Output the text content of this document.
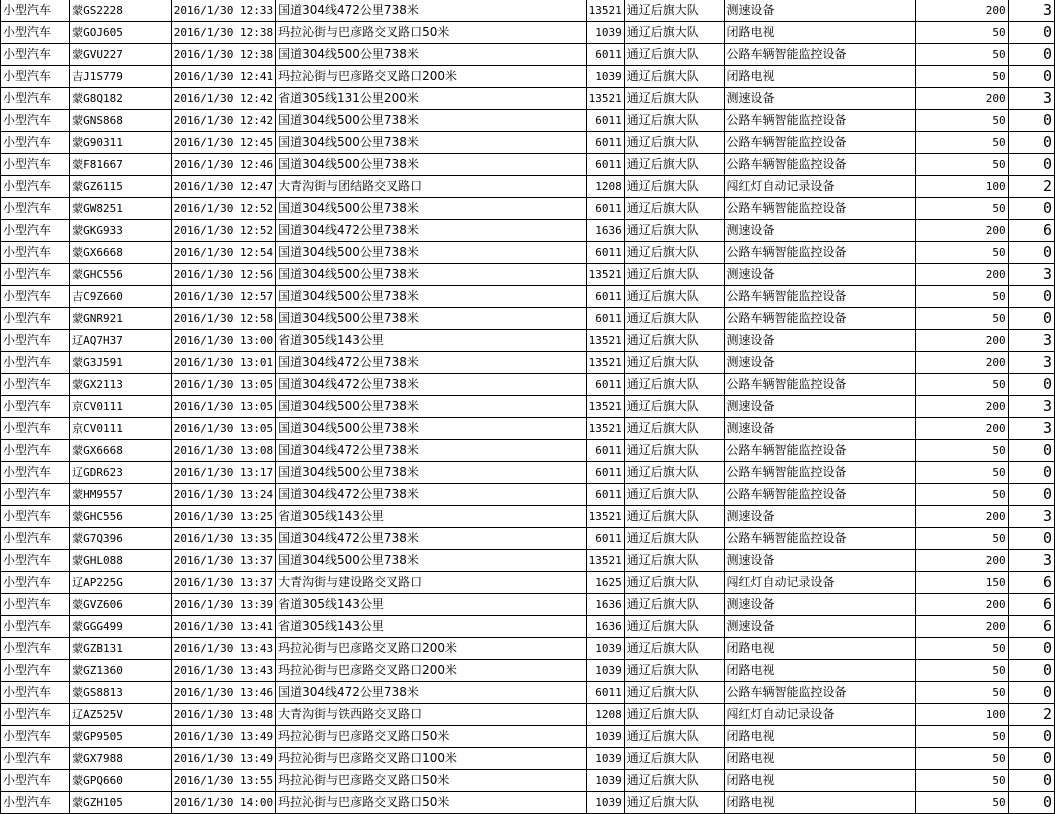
小型汽车	蒙GS2228	2016/1/30 12:33	国道304线472公里738米	13521	通辽后旗大队	测速设备	200	3
小型汽车	蒙GOJ605	2016/1/30 12:38	玛拉沁街与巴彦路交叉路口50米	1039	通辽后旗大队	闭路电视	50	0
小型汽车	蒙GVU227	2016/1/30 12:38	国道304线500公里738米	6011	通辽后旗大队	公路车辆智能监控设备	50	0
小型汽车	吉J1S779	2016/1/30 12:41	玛拉沁街与巴彦路交叉路口200米	1039	通辽后旗大队	闭路电视	50	0
小型汽车	蒙G8Q182	2016/1/30 12:42	省道305线131公里200米	13521	通辽后旗大队	测速设备	200	3
小型汽车	蒙GNS868	2016/1/30 12:42	国道304线500公里738米	6011	通辽后旗大队	公路车辆智能监控设备	50	0
小型汽车	蒙G90311	2016/1/30 12:45	国道304线500公里738米	6011	通辽后旗大队	公路车辆智能监控设备	50	0
小型汽车	蒙F81667	2016/1/30 12:46	国道304线500公里738米	6011	通辽后旗大队	公路车辆智能监控设备	50	0
小型汽车	蒙GZ6115	2016/1/30 12:47	大青沟街与团结路交叉路口	1208	通辽后旗大队	闯红灯自动记录设备	100	2
小型汽车	蒙GW8251	2016/1/30 12:52	国道304线500公里738米	6011	通辽后旗大队	公路车辆智能监控设备	50	0
小型汽车	蒙GKG933	2016/1/30 12:52	国道304线472公里738米	1636	通辽后旗大队	测速设备	200	6
小型汽车	蒙GX6668	2016/1/30 12:54	国道304线500公里738米	6011	通辽后旗大队	公路车辆智能监控设备	50	0
小型汽车	蒙GHC556	2016/1/30 12:56	国道304线500公里738米	13521	通辽后旗大队	测速设备	200	3
小型汽车	吉C9Z660	2016/1/30 12:57	国道304线500公里738米	6011	通辽后旗大队	公路车辆智能监控设备	50	0
小型汽车	蒙GNR921	2016/1/30 12:58	国道304线500公里738米	6011	通辽后旗大队	公路车辆智能监控设备	50	0
小型汽车	辽AQ7H37	2016/1/30 13:00	省道305线143公里	13521	通辽后旗大队	测速设备	200	3
小型汽车	蒙G3J591	2016/1/30 13:01	国道304线472公里738米	13521	通辽后旗大队	测速设备	200	3
小型汽车	蒙GX2113	2016/1/30 13:05	国道304线472公里738米	6011	通辽后旗大队	公路车辆智能监控设备	50	0
小型汽车	京CV0111	2016/1/30 13:05	国道304线500公里738米	13521	通辽后旗大队	测速设备	200	3
小型汽车	京CV0111	2016/1/30 13:05	国道304线500公里738米	13521	通辽后旗大队	测速设备	200	3
小型汽车	蒙GX6668	2016/1/30 13:08	国道304线472公里738米	6011	通辽后旗大队	公路车辆智能监控设备	50	0
小型汽车	辽GDR623	2016/1/30 13:17	国道304线500公里738米	6011	通辽后旗大队	公路车辆智能监控设备	50	0
小型汽车	蒙HM9557	2016/1/30 13:24	国道304线472公里738米	6011	通辽后旗大队	公路车辆智能监控设备	50	0
小型汽车	蒙GHC556	2016/1/30 13:25	省道305线143公里	13521	通辽后旗大队	测速设备	200	3
小型汽车	蒙G7Q396	2016/1/30 13:35	国道304线472公里738米	6011	通辽后旗大队	公路车辆智能监控设备	50	0
小型汽车	蒙GHL088	2016/1/30 13:37	国道304线500公里738米	13521	通辽后旗大队	测速设备	200	3
小型汽车	辽AP225G	2016/1/30 13:37	大青沟街与建设路交叉路口	1625	通辽后旗大队	闯红灯自动记录设备	150	6
小型汽车	蒙GVZ606	2016/1/30 13:39	省道305线143公里	1636	通辽后旗大队	测速设备	200	6
小型汽车	蒙GGG499	2016/1/30 13:41	省道305线143公里	1636	通辽后旗大队	测速设备	200	6
小型汽车	蒙GZB131	2016/1/30 13:43	玛拉沁街与巴彦路交叉路口200米	1039	通辽后旗大队	闭路电视	50	0
小型汽车	蒙GZ1360	2016/1/30 13:43	玛拉沁街与巴彦路交叉路口200米	1039	通辽后旗大队	闭路电视	50	0
小型汽车	蒙GS8813	2016/1/30 13:46	国道304线472公里738米	6011	通辽后旗大队	公路车辆智能监控设备	50	0
小型汽车	辽AZ525V	2016/1/30 13:48	大青沟街与铁西路交叉路口	1208	通辽后旗大队	闯红灯自动记录设备	100	2
小型汽车	蒙GP9505	2016/1/30 13:49	玛拉沁街与巴彦路交叉路口50米	1039	通辽后旗大队	闭路电视	50	0
小型汽车	蒙GX7988	2016/1/30 13:49	玛拉沁街与巴彦路交叉路口100米	1039	通辽后旗大队	闭路电视	50	0
小型汽车	蒙GPQ660	2016/1/30 13:55	玛拉沁街与巴彦路交叉路口50米	1039	通辽后旗大队	闭路电视	50	0
小型汽车	蒙GZH105	2016/1/30 14:00	玛拉沁街与巴彦路交叉路口50米	1039	通辽后旗大队	闭路电视	50	0
